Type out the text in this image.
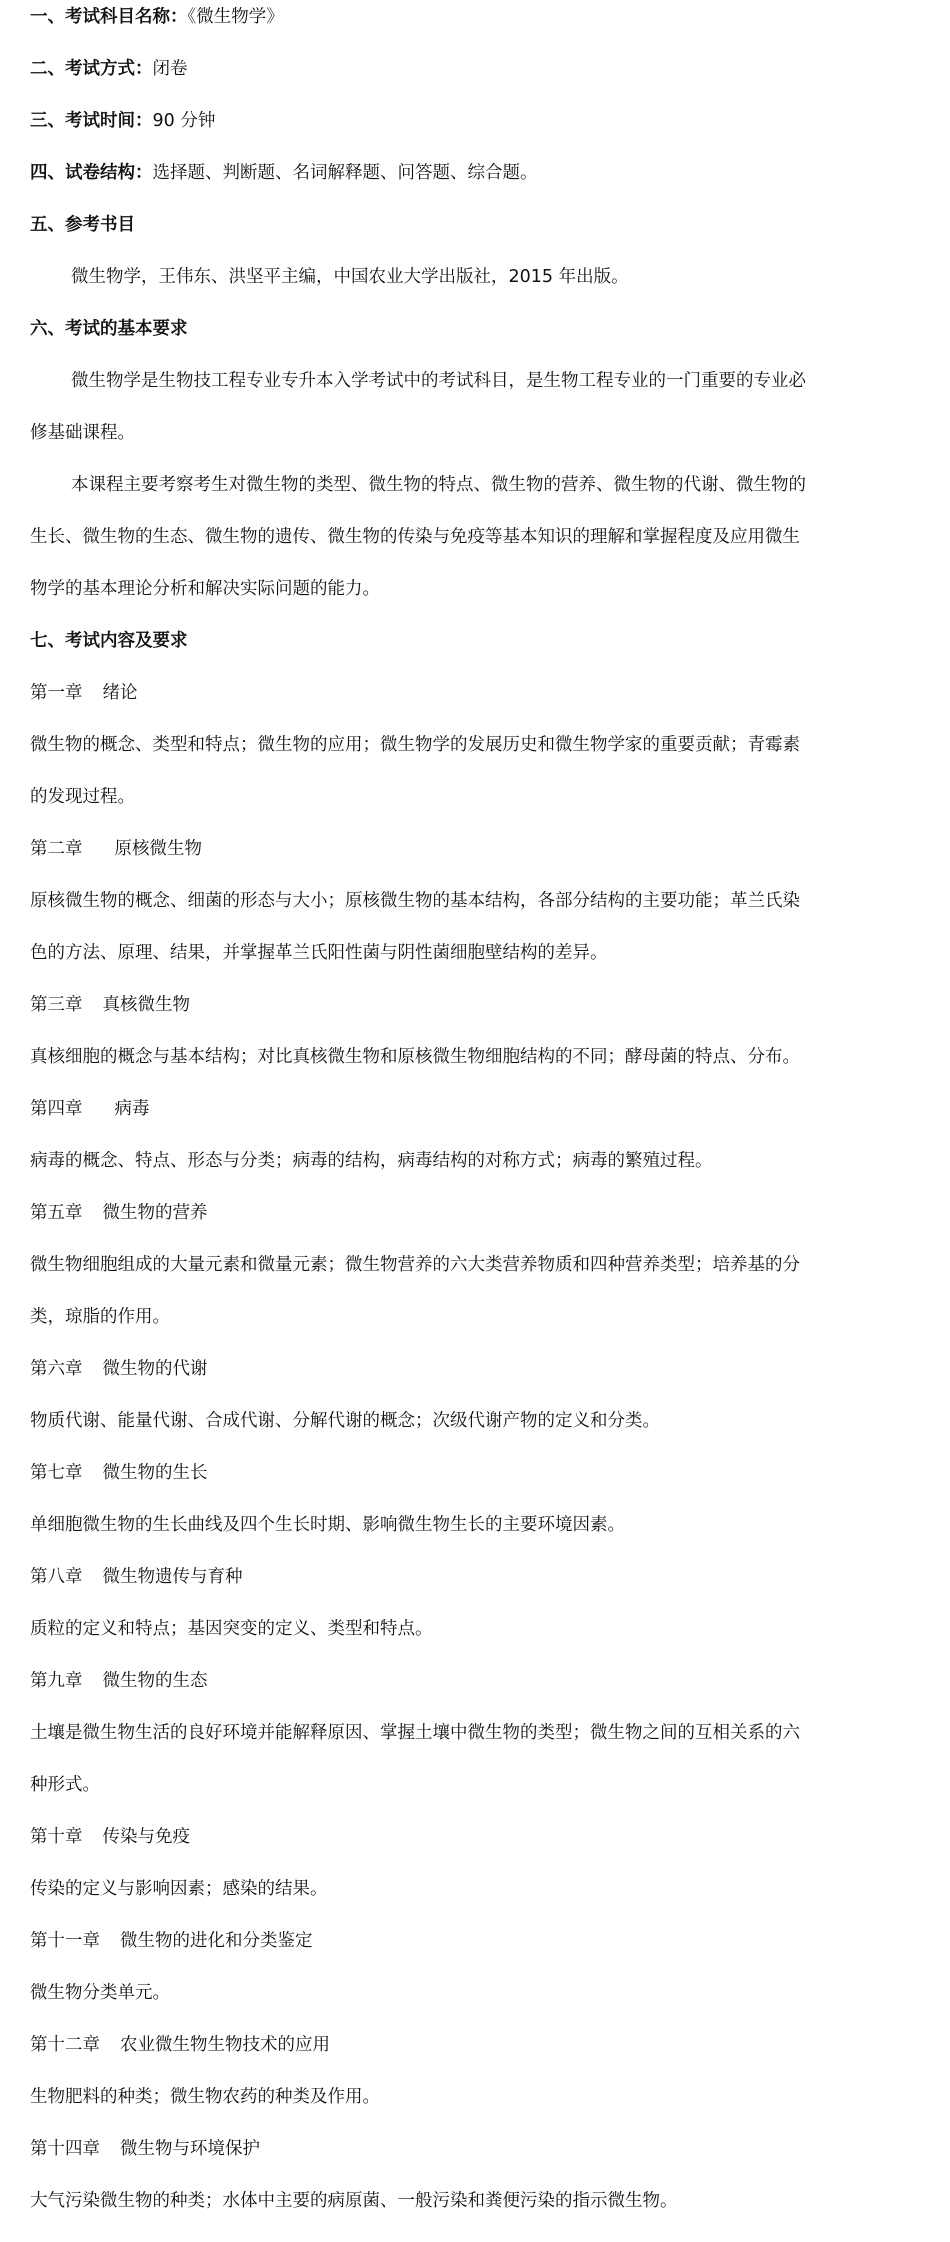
一、考试科目名称：《微生物学》
二、考试方式：闭卷
三、考试时间：90 分钟
四、试卷结构：选择题、判断题、名词解释题、问答题、综合题。
五、参考书目
微生物学，王伟东、洪坚平主编，中国农业大学出版社，2015 年出版。
六、考试的基本要求
微生物学是生物技工程专业专升本入学考试中的考试科目，是生物工程专业的一门重要的专业必
修基础课程。
本课程主要考察考生对微生物的类型、微生物的特点、微生物的营养、微生物的代谢、微生物的
生长、微生物的生态、微生物的遗传、微生物的传染与免疫等基本知识的理解和掌握程度及应用微生
物学的基本理论分析和解决实际问题的能力。
七、考试内容及要求
第一章 绪论
微生物的概念、类型和特点；微生物的应用；微生物学的发展历史和微生物学家的重要贡献；青霉素
的发现过程。
第二章 原核微生物
原核微生物的概念、细菌的形态与大小；原核微生物的基本结构，各部分结构的主要功能；革兰氏染
色的方法、原理、结果，并掌握革兰氏阳性菌与阴性菌细胞壁结构的差异。
第三章 真核微生物
真核细胞的概念与基本结构；对比真核微生物和原核微生物细胞结构的不同；酵母菌的特点、分布。
第四章 病毒
病毒的概念、特点、形态与分类；病毒的结构，病毒结构的对称方式；病毒的繁殖过程。
第五章 微生物的营养
微生物细胞组成的大量元素和微量元素；微生物营养的六大类营养物质和四种营养类型；培养基的分
类，琼脂的作用。
第六章 微生物的代谢
物质代谢、能量代谢、合成代谢、分解代谢的概念；次级代谢产物的定义和分类。
第七章 微生物的生长
单细胞微生物的生长曲线及四个生长时期、影响微生物生长的主要环境因素。
第八章 微生物遗传与育种
质粒的定义和特点；基因突变的定义、类型和特点。
第九章 微生物的生态
土壤是微生物生活的良好环境并能解释原因、掌握土壤中微生物的类型；微生物之间的互相关系的六
种形式。
第十章 传染与免疫
传染的定义与影响因素；感染的结果。
第十一章 微生物的进化和分类鉴定
微生物分类单元。
第十二章 农业微生物生物技术的应用
生物肥料的种类；微生物农药的种类及作用。
第十四章 微生物与环境保护
大气污染微生物的种类；水体中主要的病原菌、一般污染和粪便污染的指示微生物。
